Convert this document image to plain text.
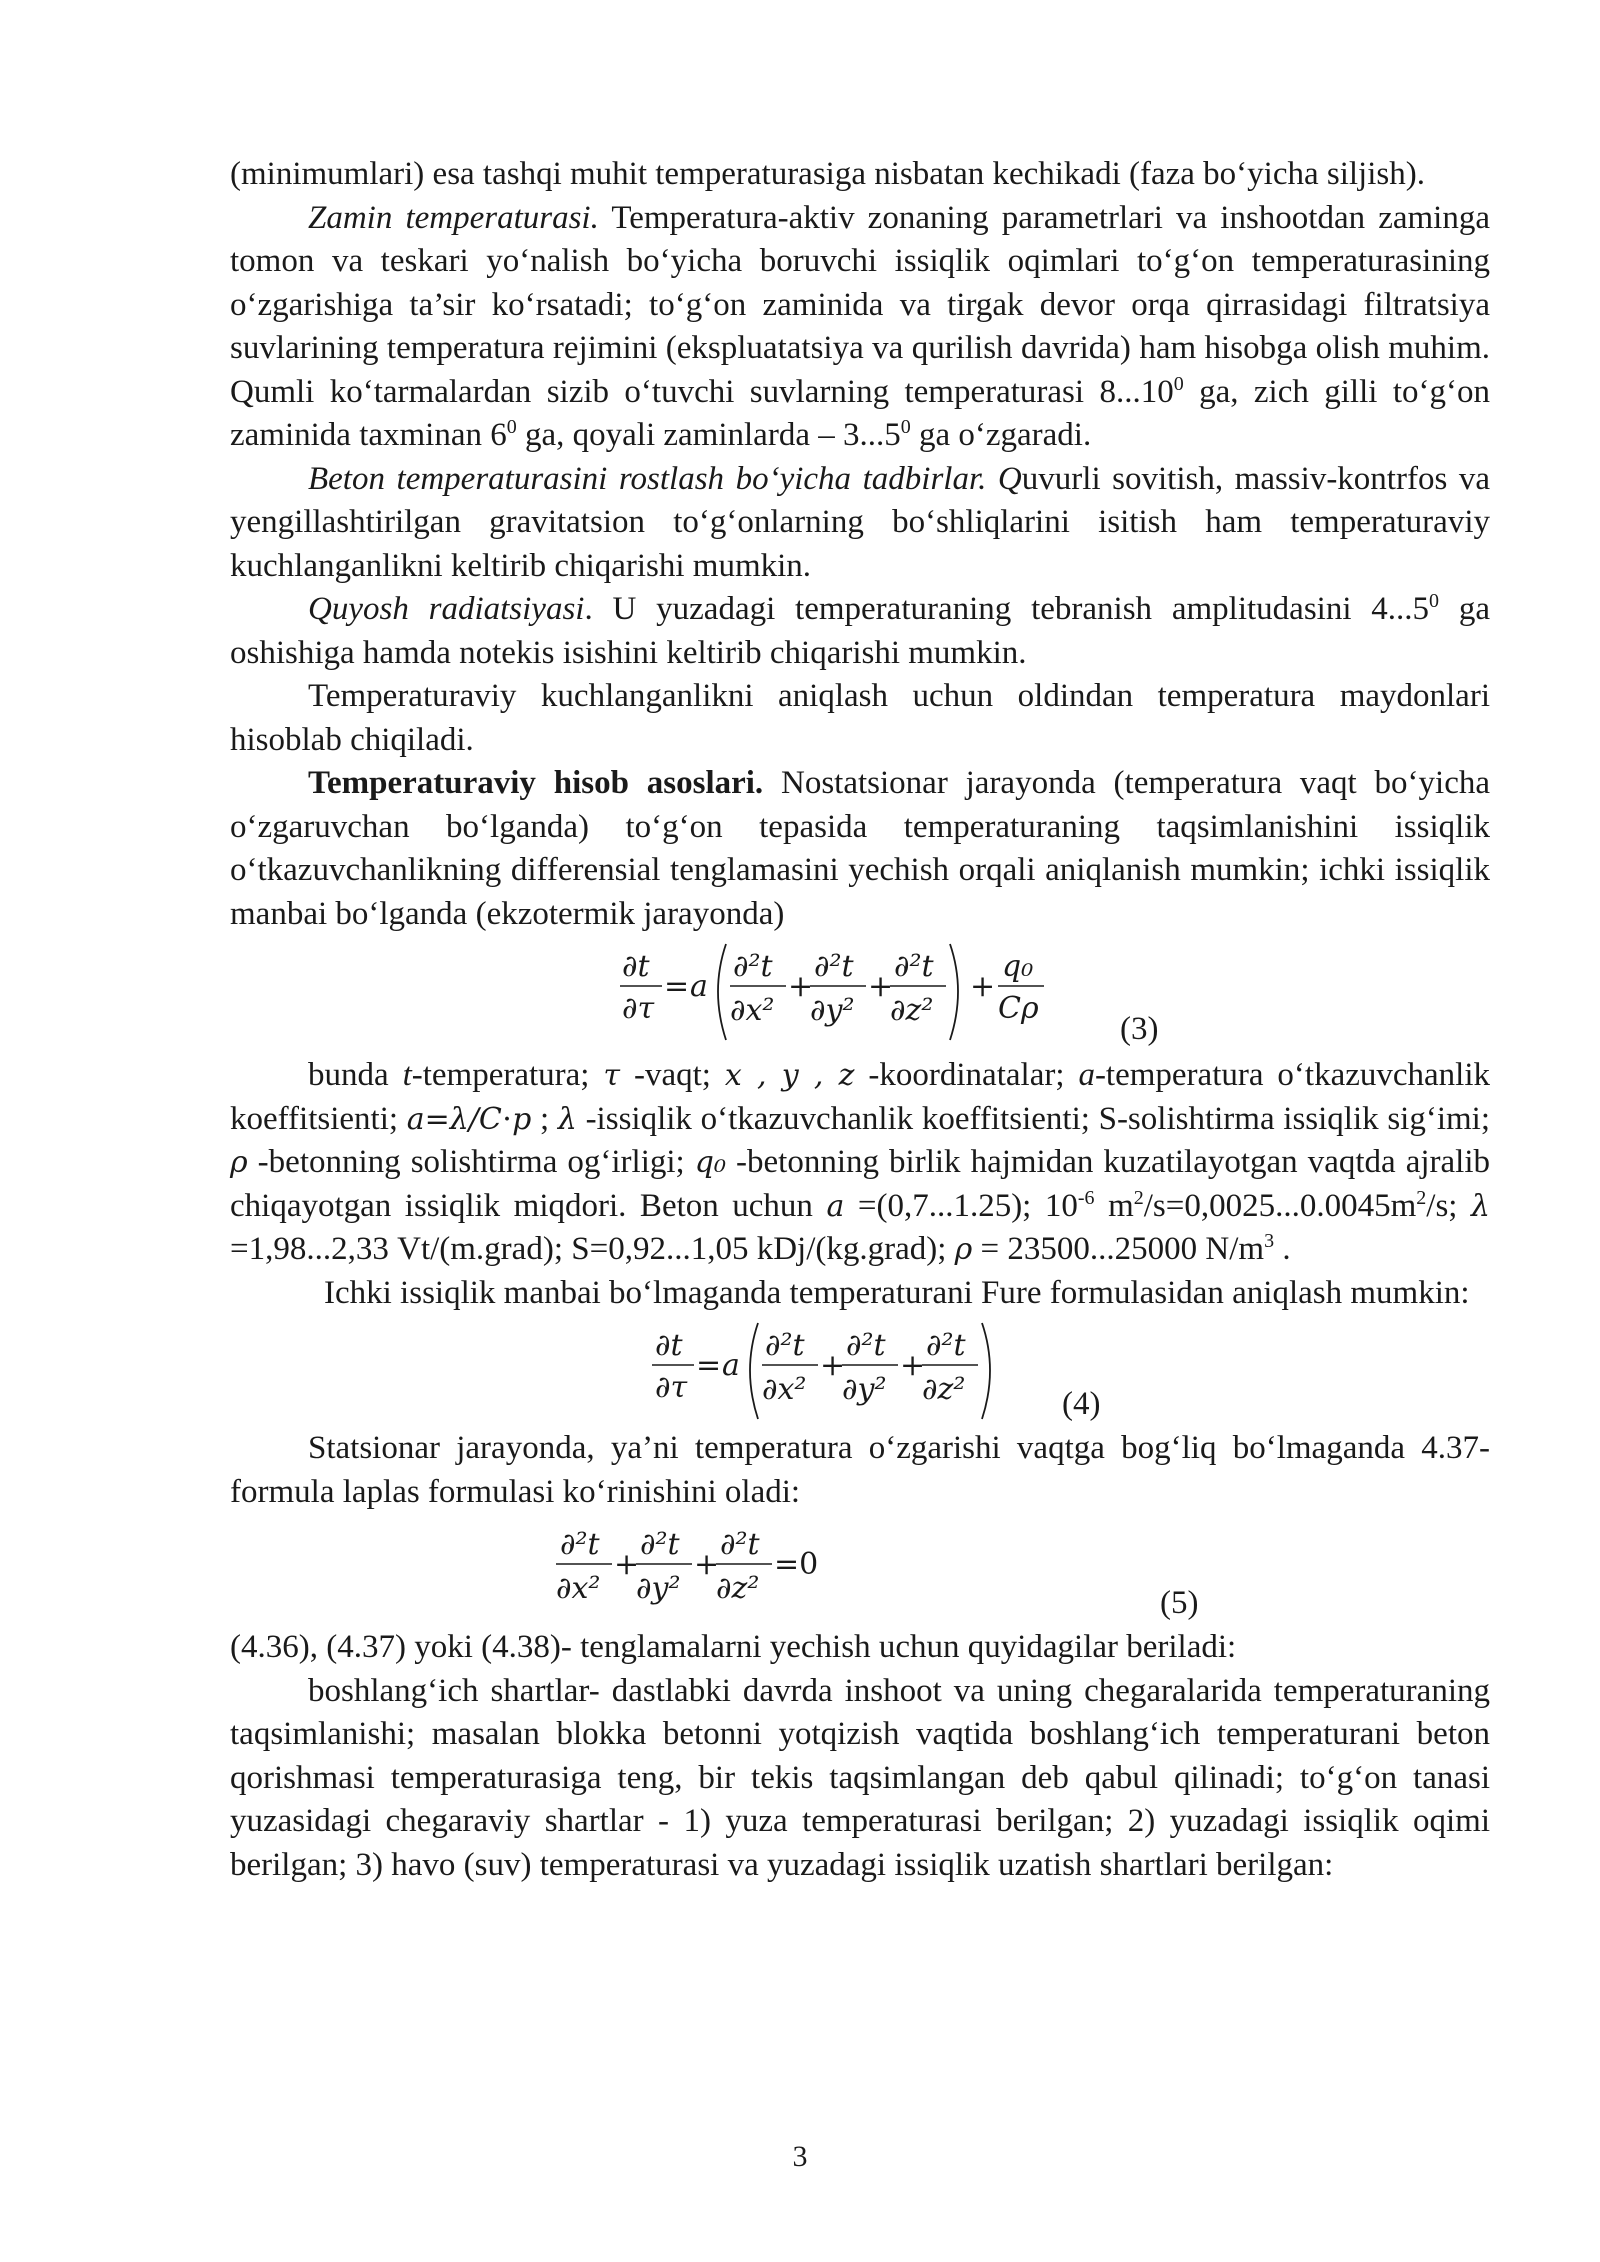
(minimumlari) esa tashqi muhit temperaturasiga nisbatan kechikadi (faza bo‘yicha siljish).

Zamin temperaturasi. Temperatura-aktiv zonaning parametrlari va inshootdan zaminga tomon va teskari yo‘nalish bo‘yicha boruvchi issiqlik oqimlari to‘g‘on temperaturasining o‘zgarishiga ta’sir ko‘rsatadi; to‘g‘on zaminida va tirgak devor orqa qirrasidagi filtratsiya suvlarining temperatura rejimini (ekspluatatsiya va qurilish davrida) ham hisobga olish muhim. Qumli ko‘tarmalardan sizib o‘tuvchi suvlarning temperaturasi 8...10$^0$ ga, zich gilli to‘g‘on zaminida taxminan $6^0$ ga, qoyali zaminlarda – 3...5$^0$ ga o‘zgaradi.

Beton temperaturasini rostlash bo‘yicha tadbirlar. Quvurli sovitish, massiv-kontrfos va yengillashtirilgan gravitatsion to‘g‘onlarning bo‘shliqlarini isitish ham temperaturaviy kuchlanganlikni keltirib chiqarishi mumkin.

Quyosh radiatsiyasi. U yuzadagi temperaturaning tebranish amplitudasini 4...5$^0$ ga oshishiga hamda notekis isishini keltirib chiqarishi mumkin.

Temperaturaviy kuchlanganlikni aniqlash uchun oldindan temperatura maydonlari hisoblab chiqiladi.

Temperaturaviy hisob asoslari. Nostatsionar jarayonda (temperatura vaqt bo‘yicha o‘zgaruvchan bo‘lganda) to‘g‘on tepasida temperaturaning taqsimlanishini issiqlik o‘tkazuvchanlikning differensial tenglamasini yechish orqali aniqlanish mumkin; ichki issiqlik manbai bo‘lganda (ekzotermik jarayonda)

∂t
∂τ
= a
∂²t
∂x²
+
∂²t
∂y²
+
∂²t
∂z²
+
q₀
Cρ
(3)

bunda t-temperatura; τ -vaqt; x , y , z -koordinatalar; a-temperatura o‘tkazuvchanlik koeffitsienti; a=λ/C⋅p ; λ -issiqlik o‘tkazuvchanlik koeffitsienti; S-solishtirma issiqlik sig‘imi; ρ -betonning solishtirma og‘irligi; q₀ -betonning birlik hajmidan kuzatilayotgan vaqtda ajralib chiqayotgan issiqlik miqdori. Beton uchun a =(0,7...1.25); $10^{-6}$ $m^2/s=0,0025...0.0045m^2/s$; λ =1,98...2,33 Vt/(m.grad); S=0,92...1,05 kDj/(kg.grad); ρ = 23500...25000 $N/m^3$ .

Ichki issiqlik manbai bo‘lmaganda temperaturani Fure formulasidan aniqlash mumkin:

∂t
∂τ
= a
∂²t
∂x²
+
∂²t
∂y²
+
∂²t
∂z²	(4)

Statsionar jarayonda, ya’ni temperatura o‘zgarishi vaqtga bog‘liq bo‘lmaganda 4.37-formula laplas formulasi ko‘rinishini oladi:

∂²t
∂x²
+
∂²t
∂y²
+
∂²t
∂z²
=0
(5)

(4.36), (4.37) yoki (4.38)- tenglamalarni yechish uchun quyidagilar beriladi:

boshlang‘ich shartlar- dastlabki davrda inshoot va uning chegaralarida temperaturaning taqsimlanishi; masalan blokka betonni yotqizish vaqtida boshlang‘ich temperaturani beton qorishmasi temperaturasiga teng, bir tekis taqsimlangan deb qabul qilinadi; to‘g‘on tanasi yuzasidagi chegaraviy shartlar - 1) yuza temperaturasi berilgan; 2) yuzadagi issiqlik oqimi berilgan; 3) havo (suv) temperaturasi va yuzadagi issiqlik uzatish shartlari berilgan:

3
